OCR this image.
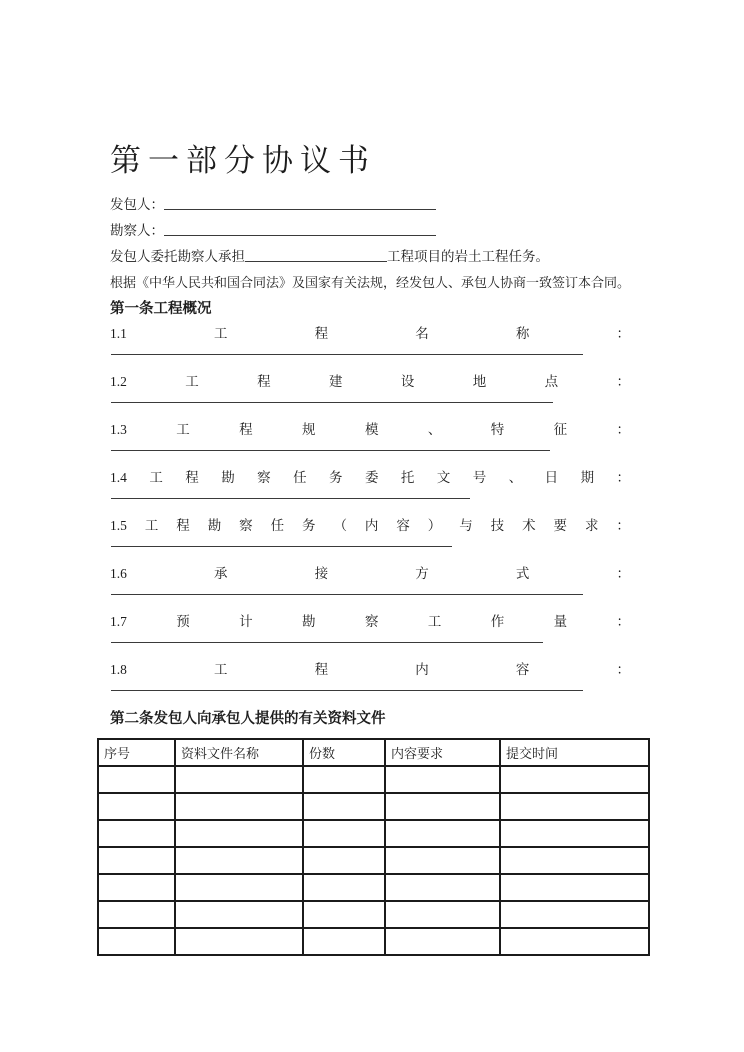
第一部分协议书
发包人：
勘察人：
发包人委托勘察人承担	工程项目的岩土工程任务。
根据《中华人民共和国合同法》及国家有关法规，经发包人、承包人协商一致签订本合同。
第一条工程概况
1.1	工	程	名	称	：
1.2	工	程	建	设	地	点	：
1.3	工	程	规	模	、	特	征	：
1.4 工 程 勘 察 任 务 委 托 文 号 、 日 期 ：
1.5 工 程 勘 察 任 务 （ 内 容 ） 与 技 术 要 求 ：
1.6	承	接	方	式	：
1.7	预	计	勘	察	工	作	量	：
1.8	工	程	内	容	：
第二条发包人向承包人提供的有关资料文件
序号	资料文件名称	份数	内容要求	提交时间
